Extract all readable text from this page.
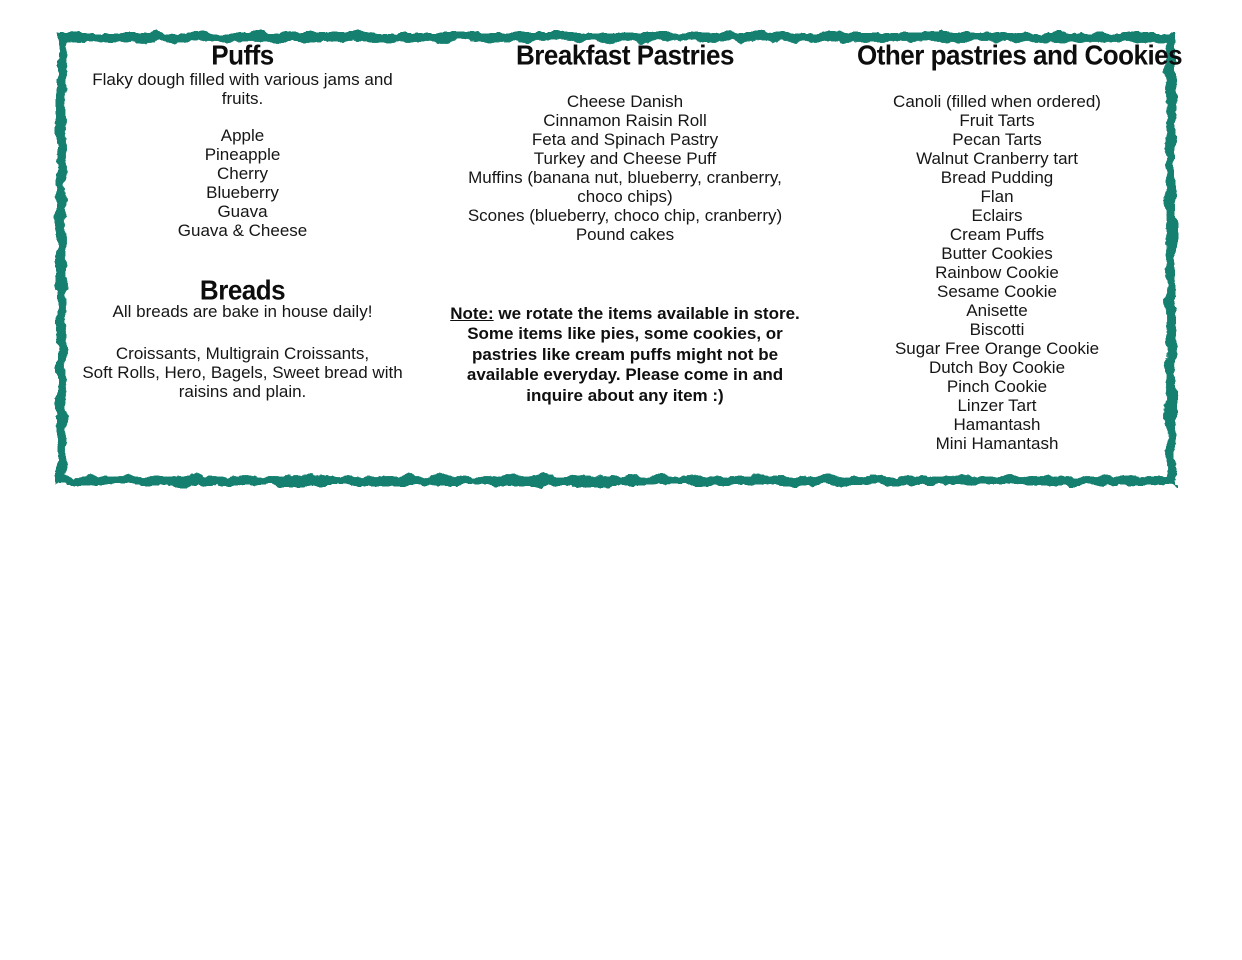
Puffs
Flaky dough filled with various jams and
fruits.
Apple
Pineapple
Cherry
Blueberry
Guava
Guava & Cheese
Breads
All breads are bake in house daily!
Croissants, Multigrain Croissants,
Soft Rolls, Hero, Bagels, Sweet bread with
raisins and plain.
Breakfast Pastries
Cheese Danish
Cinnamon Raisin Roll
Feta and Spinach Pastry
Turkey and Cheese Puff
Muffins (banana nut, blueberry, cranberry, choco chips)
Scones (blueberry, choco chip, cranberry)
Pound cakes
Note: we rotate the items available in store.
Some items like pies, some cookies, or
pastries like cream puffs might not be
available everyday. Please come in and
inquire about any item :)
Other pastries and Cookies
Canoli (filled when ordered)
Fruit Tarts
Pecan Tarts
Walnut Cranberry tart
Bread Pudding
Flan
Eclairs
Cream Puffs
Butter Cookies
Rainbow Cookie
Sesame Cookie
Anisette
Biscotti
Sugar Free Orange Cookie
Dutch Boy Cookie
Pinch Cookie
Linzer Tart
Hamantash
Mini Hamantash
